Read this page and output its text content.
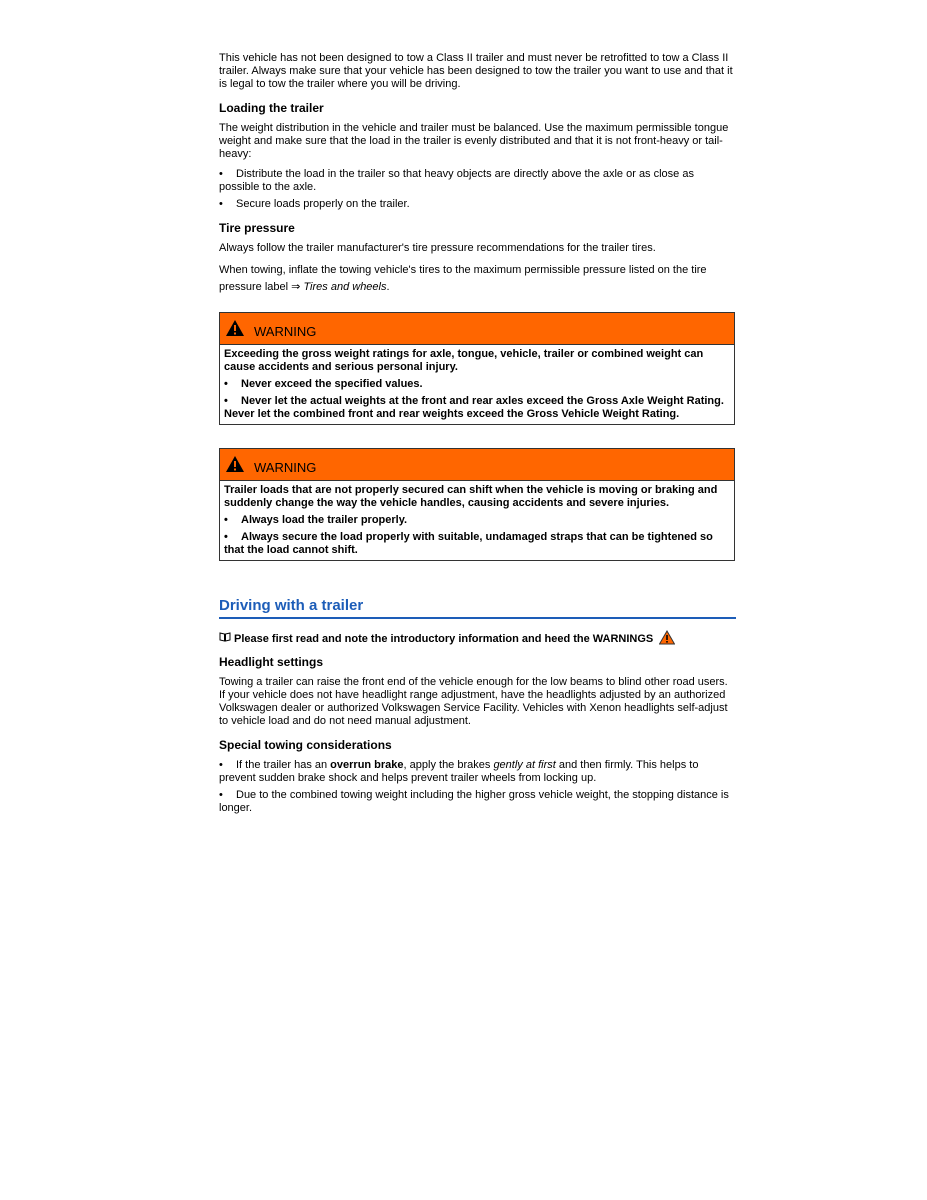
This vehicle has not been designed to tow a Class II trailer and must never be retrofitted to tow a Class II trailer. Always make sure that your vehicle has been designed to tow the trailer you want to use and that it is legal to tow the trailer where you will be driving.

Loading the trailer

The weight distribution in the vehicle and trailer must be balanced. Use the maximum permissible tongue weight and make sure that the load in the trailer is evenly distributed and that it is not front-heavy or tail-heavy:

• Distribute the load in the trailer so that heavy objects are directly above the axle or as close as possible to the axle.
• Secure loads properly on the trailer.
Tire pressure

Always follow the trailer manufacturer's tire pressure recommendations for the trailer tires.

When towing, inflate the towing vehicle's tires to the maximum permissible pressure listed on the tire pressure label ⇒ Tires and wheels.

WARNING

Exceeding the gross weight ratings for axle, tongue, vehicle, trailer or combined weight can cause accidents and serious personal injury.

• Never exceed the specified values.

• Never let the actual weights at the front and rear axles exceed the Gross Axle Weight Rating. Never let the combined front and rear weights exceed the Gross Vehicle Weight Rating.

WARNING

Trailer loads that are not properly secured can shift when the vehicle is moving or braking and suddenly change the way the vehicle handles, causing accidents and severe injuries.

• Always load the trailer properly.

• Always secure the load properly with suitable, undamaged straps that can be tightened so that the load cannot shift.

Driving with a trailer
Please first read and note the introductory information and heed the WARNINGS
Headlight settings

Towing a trailer can raise the front end of the vehicle enough for the low beams to blind other road users. If your vehicle does not have headlight range adjustment, have the headlights adjusted by an authorized Volkswagen dealer or authorized Volkswagen Service Facility. Vehicles with Xenon headlights self-adjust to vehicle load and do not need manual adjustment.

Special towing considerations
• If the trailer has an overrun brake, apply the brakes gently at first and then firmly. This helps to prevent sudden brake shock and helps prevent trailer wheels from locking up.
• Due to the combined towing weight including the higher gross vehicle weight, the stopping distance is longer.
